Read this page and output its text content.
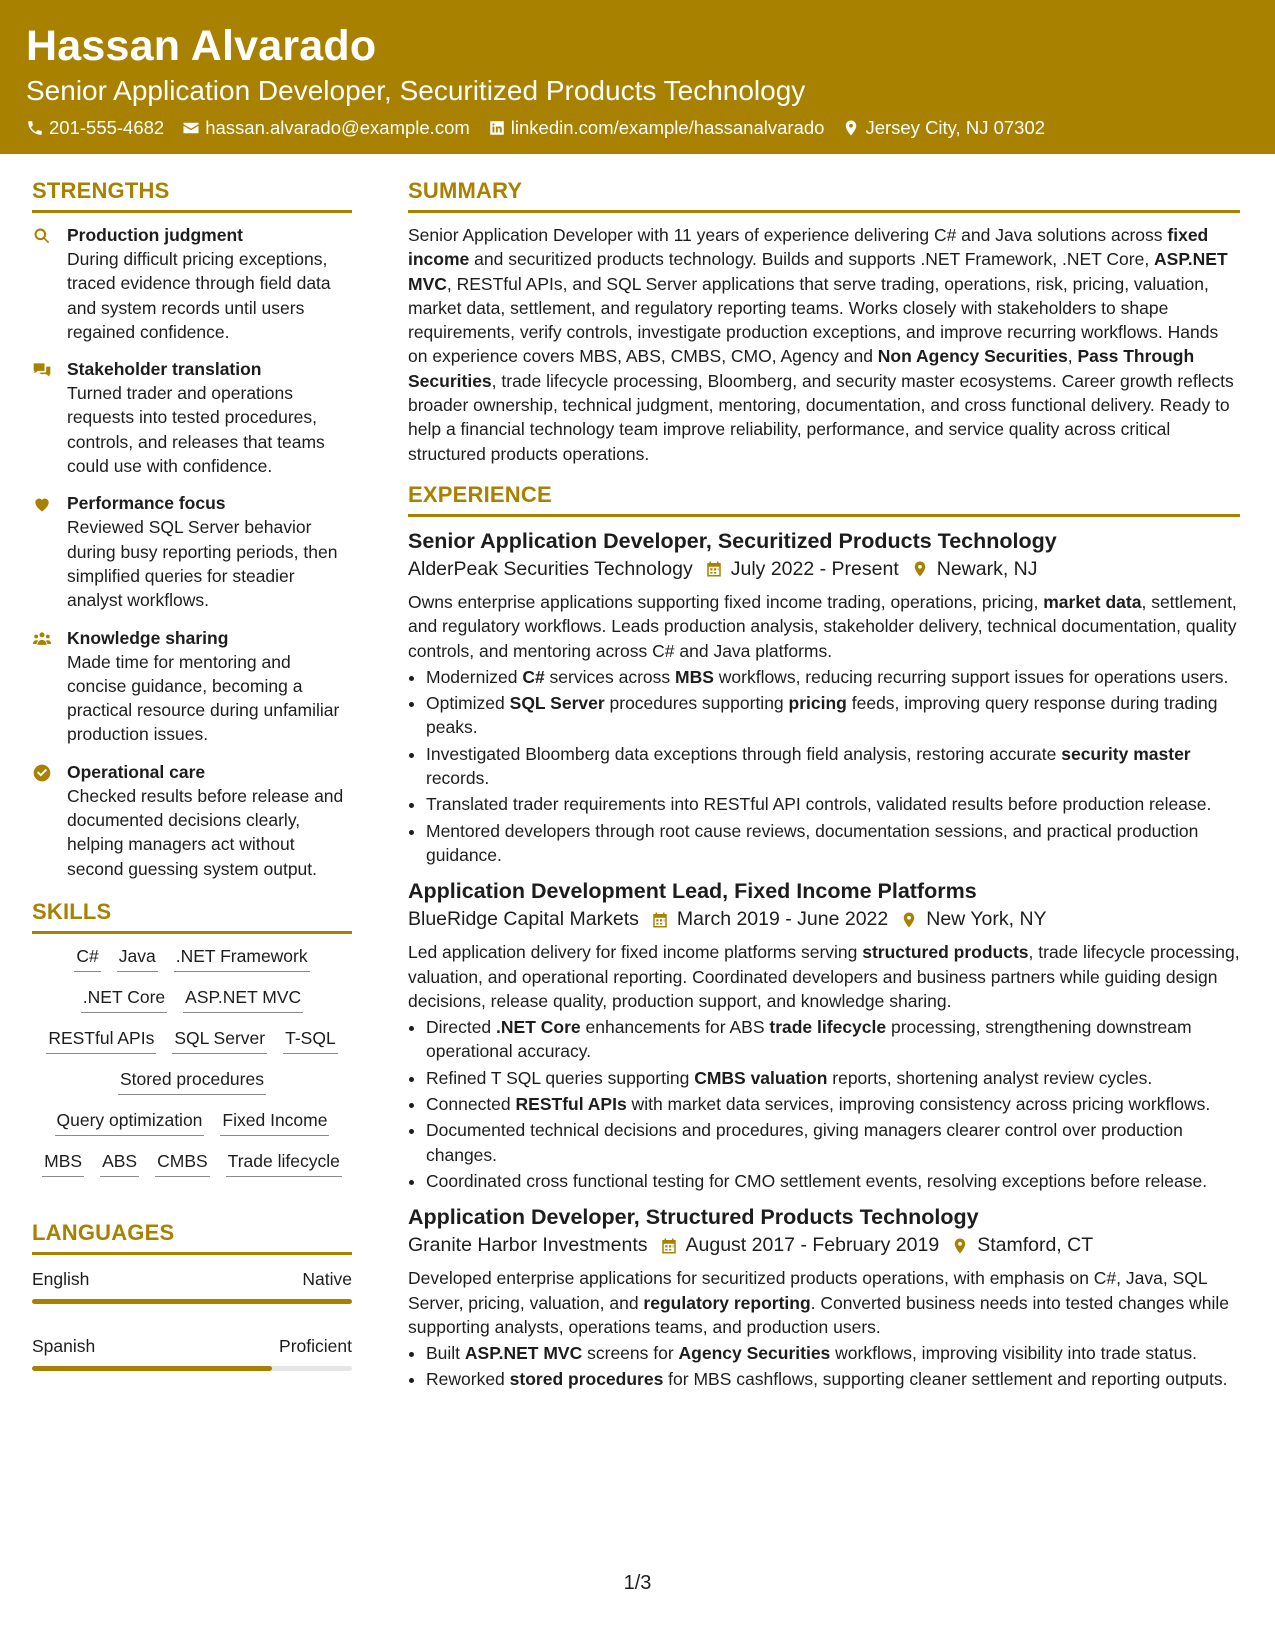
Hassan Alvarado
Senior Application Developer, Securitized Products Technology
201-555-4682 hassan.alvarado@example.com linkedin.com/example/hassanalvarado Jersey City, NJ 07302
STRENGTHS
Production judgment
During difficult pricing exceptions, traced evidence through field data and system records until users regained confidence.
Stakeholder translation
Turned trader and operations requests into tested procedures, controls, and releases that teams could use with confidence.
Performance focus
Reviewed SQL Server behavior during busy reporting periods, then simplified queries for steadier analyst workflows.
Knowledge sharing
Made time for mentoring and concise guidance, becoming a practical resource during unfamiliar production issues.
Operational care
Checked results before release and documented decisions clearly, helping managers act without second guessing system output.
SKILLS
C# Java .NET Framework
.NET Core ASP.NET MVC
RESTful APIs SQL Server T-SQL
Stored procedures
Query optimization Fixed Income
MBS ABS CMBS Trade lifecycle
LANGUAGES
English	Native
Spanish	Proficient
SUMMARY

Senior Application Developer with 11 years of experience delivering C# and Java solutions across fixed income and securitized products technology. Builds and supports .NET Framework, .NET Core, ASP.NET MVC, RESTful APIs, and SQL Server applications that serve trading, operations, risk, pricing, valuation, market data, settlement, and regulatory reporting teams. Works closely with stakeholders to shape requirements, verify controls, investigate production exceptions, and improve recurring workflows. Hands on experience covers MBS, ABS, CMBS, CMO, Agency and Non Agency Securities, Pass Through Securities, trade lifecycle processing, Bloomberg, and security master ecosystems. Career growth reflects broader ownership, technical judgment, mentoring, documentation, and cross functional delivery. Ready to help a financial technology team improve reliability, performance, and service quality across critical structured products operations.

EXPERIENCE
Senior Application Developer, Securitized Products Technology
AlderPeak Securities Technology July 2022 - Present Newark, NJ

Owns enterprise applications supporting fixed income trading, operations, pricing, market data, settlement, and regulatory workflows. Leads production analysis, stakeholder delivery, technical documentation, quality controls, and mentoring across C# and Java platforms.

• Modernized C# services across MBS workflows, reducing recurring support issues for operations users.
• Optimized SQL Server procedures supporting pricing feeds, improving query response during trading peaks.
• Investigated Bloomberg data exceptions through field analysis, restoring accurate security master records.
• Translated trader requirements into RESTful API controls, validated results before production release.
• Mentored developers through root cause reviews, documentation sessions, and practical production guidance.
Application Development Lead, Fixed Income Platforms
BlueRidge Capital Markets March 2019 - June 2022 New York, NY

Led application delivery for fixed income platforms serving structured products, trade lifecycle processing, valuation, and operational reporting. Coordinated developers and business partners while guiding design decisions, release quality, production support, and knowledge sharing.

• Directed .NET Core enhancements for ABS trade lifecycle processing, strengthening downstream operational accuracy.
• Refined T SQL queries supporting CMBS valuation reports, shortening analyst review cycles.
• Connected RESTful APIs with market data services, improving consistency across pricing workflows.
• Documented technical decisions and procedures, giving managers clearer control over production changes.
• Coordinated cross functional testing for CMO settlement events, resolving exceptions before release.
Application Developer, Structured Products Technology
Granite Harbor Investments August 2017 - February 2019 Stamford, CT

Developed enterprise applications for securitized products operations, with emphasis on C#, Java, SQL Server, pricing, valuation, and regulatory reporting. Converted business needs into tested changes while supporting analysts, operations teams, and production users.

• Built ASP.NET MVC screens for Agency Securities workflows, improving visibility into trade status.
• Reworked stored procedures for MBS cashflows, supporting cleaner settlement and reporting outputs.
1/3
